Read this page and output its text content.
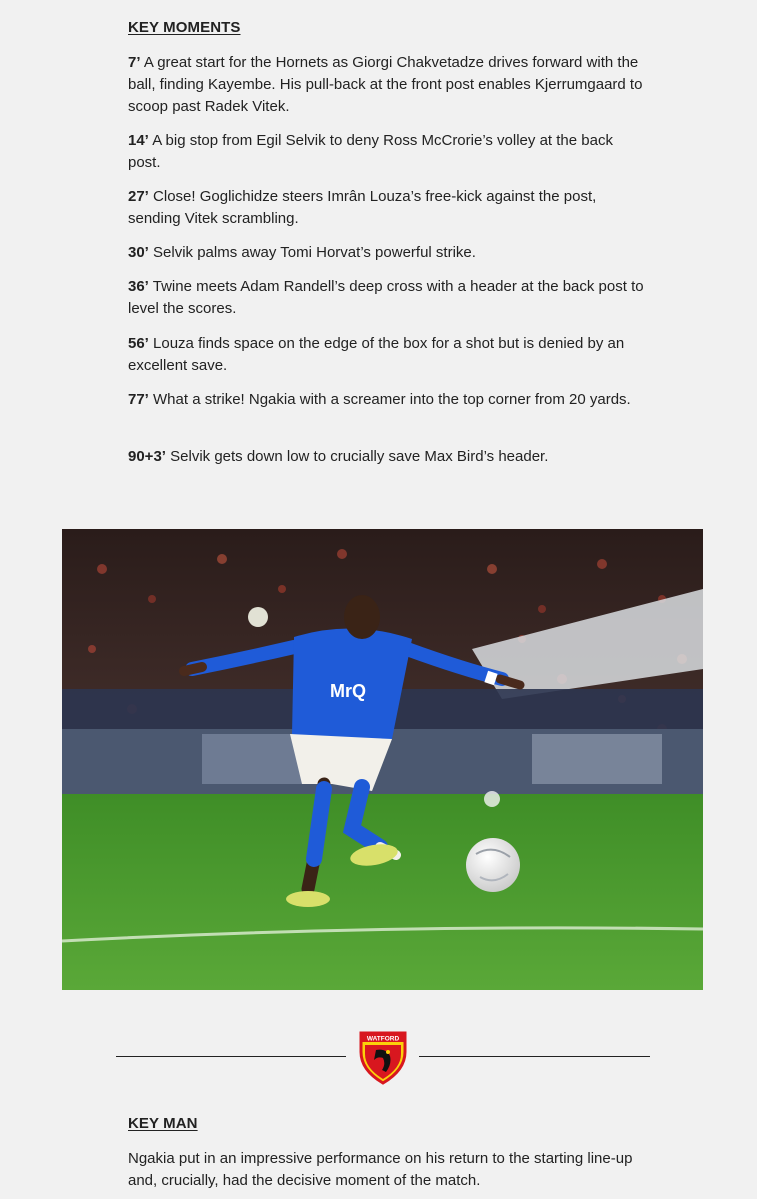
KEY MOMENTS

7’ A great start for the Hornets as Giorgi Chakvetadze drives forward with the ball, finding Kayembe. His pull-back at the front post enables Kjerrumgaard to scoop past Radek Vitek.

14’ A big stop from Egil Selvik to deny Ross McCrorie’s volley at the back post.

27’ Close! Goglichidze steers Imrân Louza’s free-kick against the post, sending Vitek scrambling.

30’ Selvik palms away Tomi Horvat’s powerful strike.

36’ Twine meets Adam Randell’s deep cross with a header at the back post to level the scores.

56’ Louza finds space on the edge of the box for a shot but is denied by an excellent save.

77’ What a strike! Ngakia with a screamer into the top corner from 20 yards.

90+3’ Selvik gets down low to crucially save Max Bird’s header.

MrQ
WATFORD
KEY MAN

Ngakia put in an impressive performance on his return to the starting line-up and, crucially, had the decisive moment of the match.
